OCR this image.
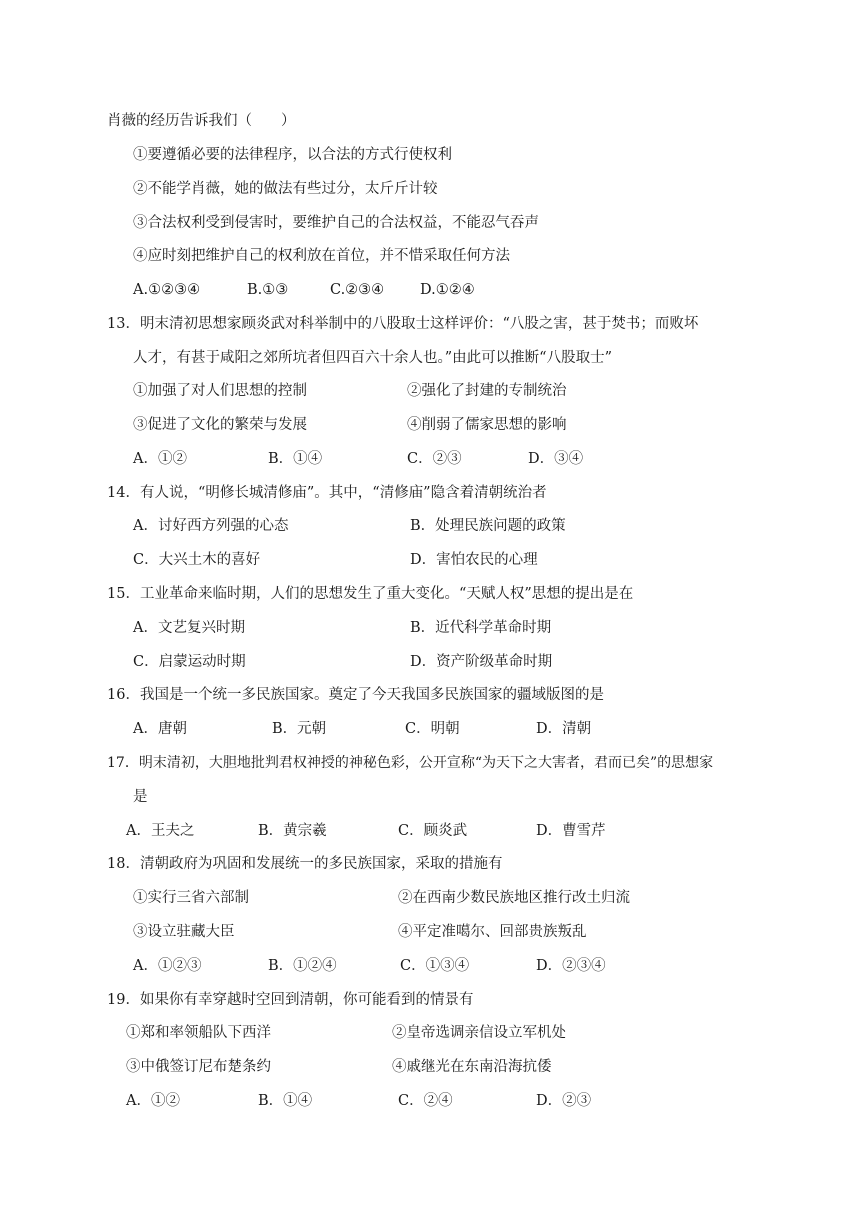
肖薇的经历告诉我们（　　）
①要遵循必要的法律程序，以合法的方式行使权利
②不能学肖薇，她的做法有些过分，太斤斤计较
③合法权利受到侵害时，要维护自己的合法权益，不能忍气吞声
④应时刻把维护自己的权利放在首位，并不惜采取任何方法
A.①②③④	B.①③	C.②③④ D.①②④
13．明末清初思想家顾炎武对科举制中的八股取士这样评价：“八股之害，甚于焚书；而败坏
人才，有甚于咸阳之郊所坑者但四百六十余人也。”由此可以推断“八股取士”
①加强了对人们思想的控制	②强化了封建的专制统治
③促进了文化的繁荣与发展	④削弱了儒家思想的影响
A．①②	B．①④	C．②③	D．③④
14．有人说，“明修长城清修庙”。其中，“清修庙”隐含着清朝统治者
A．讨好西方列强的心态	B．处理民族问题的政策
C．大兴土木的喜好	D．害怕农民的心理
15．工业革命来临时期，人们的思想发生了重大变化。“天赋人权”思想的提出是在
A．文艺复兴时期	B．近代科学革命时期
C．启蒙运动时期	D．资产阶级革命时期
16．我国是一个统一多民族国家。奠定了今天我国多民族国家的疆域版图的是
A．唐朝	B．元朝	C．明朝	D．清朝
17．明末清初，大胆地批判君权神授的神秘色彩，公开宣称“为天下之大害者，君而已矣”的思想家
是
A．王夫之	B．黄宗羲	C．顾炎武	D．曹雪芹
18．清朝政府为巩固和发展统一的多民族国家，采取的措施有
①实行三省六部制	②在西南少数民族地区推行改土归流
③设立驻藏大臣	④平定准噶尔、回部贵族叛乱
A．①②③	B．①②④	C．①③④	D．②③④
19．如果你有幸穿越时空回到清朝，你可能看到的情景有
①郑和率领船队下西洋	②皇帝选调亲信设立军机处
③中俄签订尼布楚条约	④戚继光在东南沿海抗倭
A．①②	B．①④	C．②④	D．②③
